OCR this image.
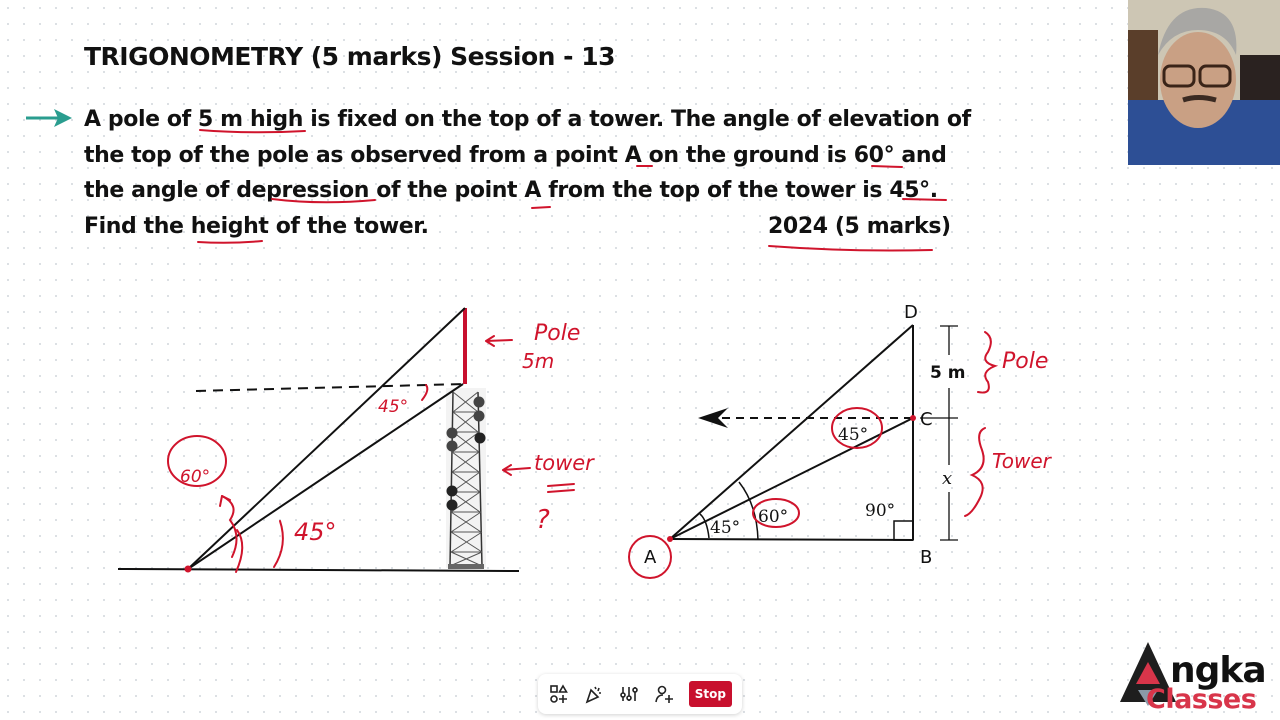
TRIGONOMETRY (5 marks) Session - 13
A pole of 5 m high is fixed on the top of a tower. The angle of elevation of
the top of the pole as observed from a point A on the ground is 60° and
the angle of depression of the point A from the top of the tower is 45°.
Find the height of the tower.	2024 (5 marks)
60°
45°
45°
Pole
5m
tower
?
D
C
B
A
5 m
x
45°
45°
60°	90°
Pole
Tower
Stop
ngka
Classes
